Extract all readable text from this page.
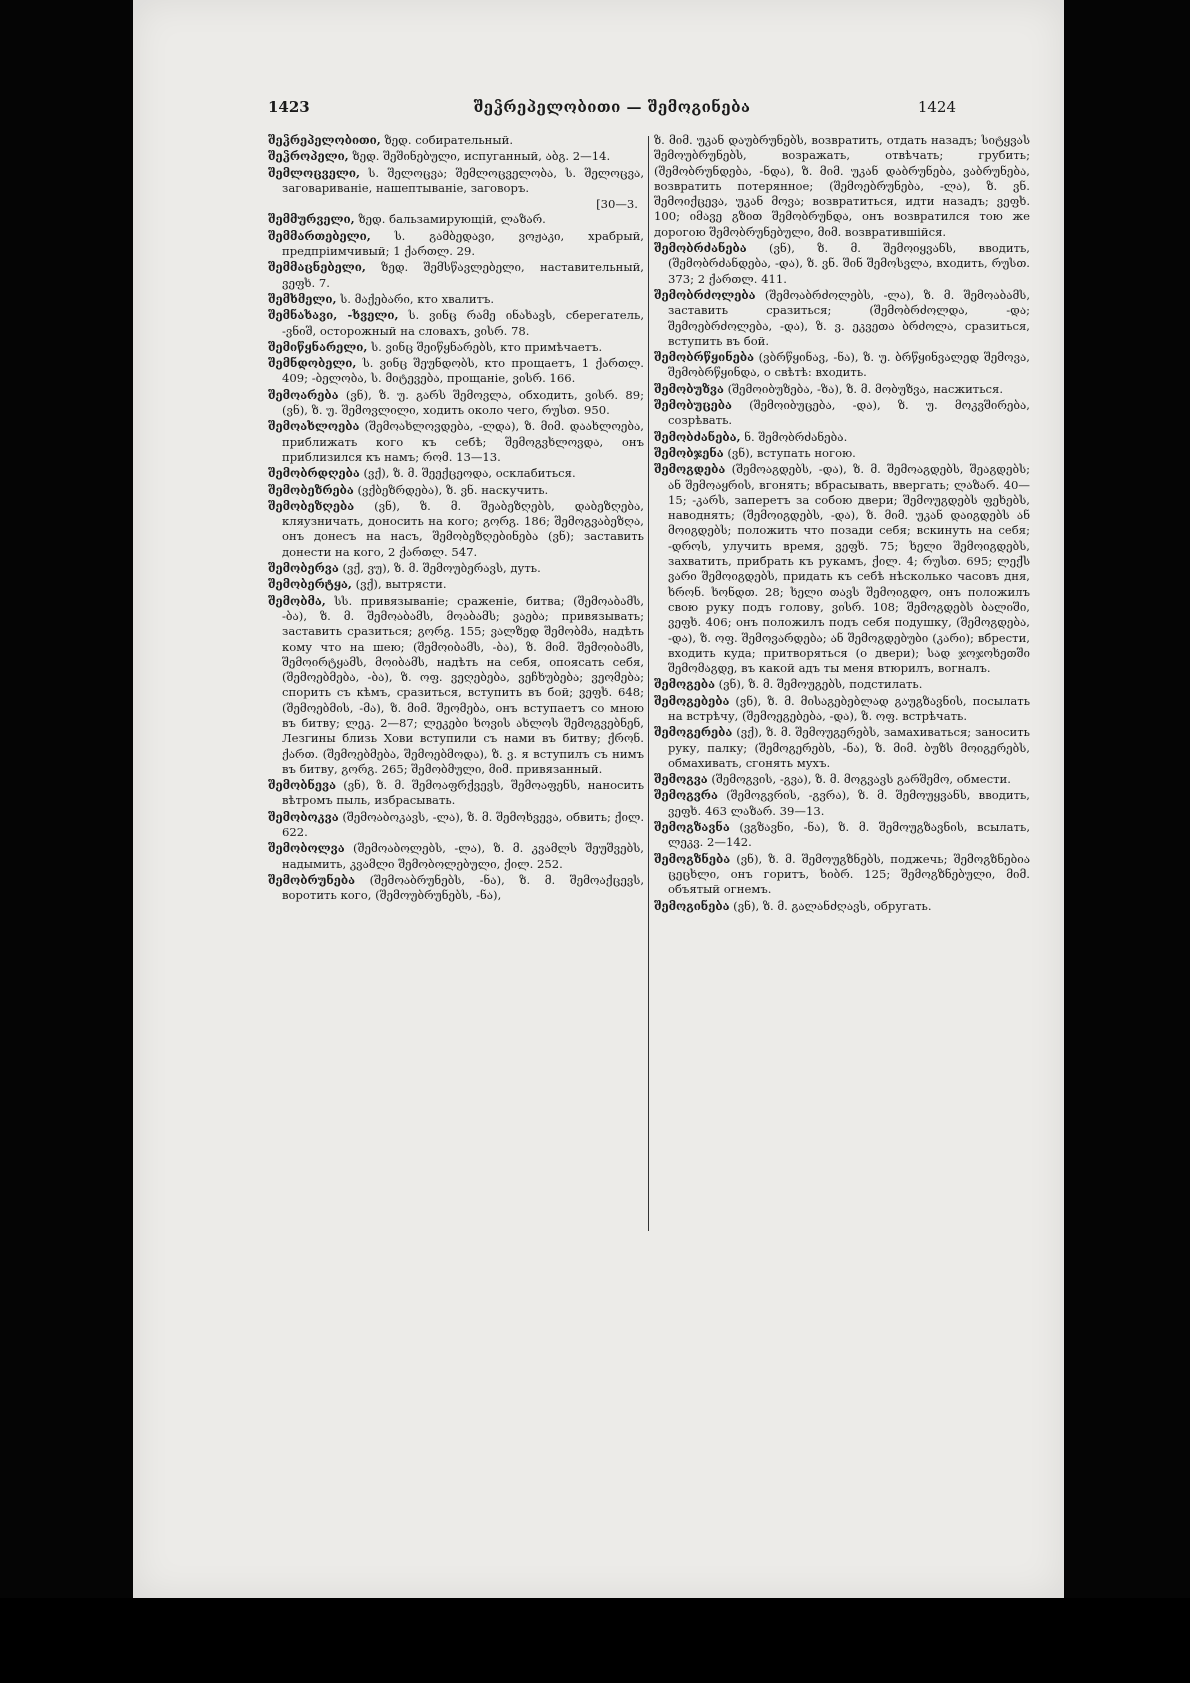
1423	შეჴრეპელობითი — შემოგინება	1424
შეჴრეპელობითი, ზედ. собирательный.
შეჴროპელი, ზედ. შეშინებული, испуганный, აბგ. 2—14.
შემლოცველი, ს. შელოცვა; შემლოცველობა, ს. შელოცვა, заговариваніе, нашептываніе, заговоръ.
[30—3.
შემმურველი, ზედ. бальзамирующій, ლაზარ.
შემმართებელი, ს. გამბედავი, ვოჟაკი, храбрый, предпріимчивый; 1 ქართლ. 29.
შემმაცნებელი, ზედ. შემსწავლებელი, наставительный, ვეფხ. 7.
შემხმელი, ს. მაქებარი, кто хвалитъ.
შემნახავი, -ხველი, ს. ვინც რამე ინახავს, сберегатель, -ვნიშ, осторожный на словахъ, ვისრ. 78.
შემიწყნარელი, ს. ვინც შეიწყნარებს, кто примѣчаетъ.
შემნდობელი, ს. ვინც შეუნდობს, кто прощаетъ, 1 ქართლ. 409; -ბელობა, ს. მიტევება, прощаніе, ვისრ. 166.
შემოარება (ვნ), ზ. უ. გარს შემოვლა, обходить, ვისრ. 89; (ვნ), ზ. უ. შემოვლილი, ходить около чего, რუსთ. 950.
შემოახლოება (შემოახლოვდება, -ლდა), ზ. მიმ. დაახლოება, приближать кого къ себѣ; შემოგვხლოვდა, онъ приблизился къ намъ; რომ. 13—13.
შემობრდღება (ვქ), ზ. მ. შეექცეოდა, осклабиться.
შემობეზრება (ვქბეზრდება), ზ. ვნ. наскучить.
შემობეზღება (ვნ), ზ. მ. შეაბეზღებს, დაბეზღება, кляузничать, доносить на кого; გორგ. 186; შემოგვაბეზღა, онъ донесъ на насъ, შემობეზღებინება (ვნ); заставить донести на кого, 2 ქართლ. 547.
შემობერვა (ვქ, ვუ), ზ. მ. შემოუბერავს, дуть.
შემობერტყა, (ვქ), вытрясти.
შემობმა, სს. привязываніе; сраженіе, битва; (შემოაბამს, -ბა), ზ. მ. შემოაბამს, მოაბამს; ვაება; привязывать; заставить сразиться; გორგ. 155; ვალზედ შემობმა, надѣть кому что на шею; (შემოიბამს, -ბა), ზ. მიმ. შემოიბამს, შემოირტყამს, მოიბამს, надѣть на себя, опоясать себя, (შემოებმება, -ბა), ზ. ოფ. ვეღებება, ვეჩხუბება; ვეომება; спорить съ кѣмъ, сразиться, вступить въ бой; ვეფხ. 648; (შემოებმის, -მა), ზ. მიმ. შეომება, онъ вступаетъ со мною въ битву; ლეკ. 2—87; ლეკები ხოვის ახლოს შემოგვებნენ, Лезгины близь Хови вступили съ нами въ битву; ქრონ. ქართ. (შემოებმება, შემოებმოდა), ზ. ვ. я вступилъ съ нимъ въ битву, გორგ. 265; შემობმული, მიმ. привязанный.
შემობნევა (ვნ), ზ. მ. შემოაფრქვევს, შემოაფენს, наносить вѣтромъ пыль, избрасывать.
შემობოკვა (შემოაბოკავს, -ლა), ზ. მ. შემოხვევა, обвить; ქილ. 622.
შემობოლვა (შემოაბოლებს, -ლა), ზ. მ. კვამლს შეუშვებს, надымить, კვამლი შემობოლებული, ქილ. 252.
შემობრუნება (შემოაბრუნებს, -ნა), ზ. მ. შემოაქცევს, воротить кого, (შემოუბრუნებს, -ნა),
ზ. მიმ. უკან დაუბრუნებს, возвратить, отдать назадъ; სიტყვას შემოუბრუნებს, возражать, отвѣчать; грубить; (შემობრუნდება, -ნდა), ზ. მიმ. უკან დაბრუნება, ვაბრუნება, возвратить потерянное; (შემოებრუნება, -ლა), ზ. ვნ. შემოიქცევა, უკან მოვა; возвратиться, идти назадъ; ვეფხ. 100; იმავე გზით შემობრუნდა, онъ возвратился тою же дорогою შემობრუნებული, მიმ. возвратившійся.
შემობრძანება (ვნ), ზ. მ. შემოიყვანს, вводить, (შემობრძანდება, -და), ზ. ვნ. შინ შემოსვლა, входить, რუსთ. 373; 2 ქართლ. 411.
შემობრძოლება (შემოაბრძოლებს, -ლა), ზ. მ. შემოაბამს, заставить сразиться; (შემობრძოლდა, -და; შემოებრძოლება, -და), ზ. ვ. ეკვეთა ბრძოლა, сразиться, вступить въ бой.
შემობრწყინება (ვბრწყინავ, -ნა), ზ. უ. ბრწყინვალედ შემოვა, შემობრწყინდა, о свѣтѣ: входить.
შემობუზვა (შემოიბუზება, -ზა), ზ. მ. მობუზვა, насжиться.
შემობუცება (შემოიბუცება, -და), ზ. უ. მოკვშირება, созрѣвать.
შემობძანება, ნ. შემობრძანება.
შემობჯენა (ვნ), вступать ногою.
შემოგდება (შემოაგდებს, -და), ზ. მ. შემოაგდებს, შეაგდებს; ან შემოაყრის, вгонять; вбрасывать, ввергать; ლაზარ. 40—15; -კარს, заперетъ за собою двери; შემოუგდებს ფეხებს, наводнять; (შემოიგდებს, -და), ზ. მიმ. უკან დაიგდებს ან მოიგდებს; положить что позади себя; вскинуть на себя; -დროს, улучить время, ვეფხ. 75; ხელი შემოიგდებს, захватить, прибрать къ рукамъ, ქილ. 4; რუსთ. 695; ლექს ვარი შემოიგდებს, придать къ себѣ нѣсколько часовъ дня, ხრონ. ხონდთ. 28; ხელი თავს შემოიგდო, онъ положилъ свою руку подъ голову, ვისრ. 108; შემოგდებს ბალიში, ვეფხ. 406; онъ положилъ подъ себя подушку, (შემოგდება, -და), ზ. ოფ. შემოვარდება; ან შემოგდებუბი (კარი); вбрести, входить куда; притворяться (о двери); სად ჯოჯოხეთში შემომაგდე, въ какой адъ ты меня втюрилъ, вогналъ.
შემოგება (ვნ), ზ. მ. შემოუგებს, подстилать.
შემოგებება (ვნ), ზ. მ. მისაგებებლად გაუგზავნის, посылать на встрѣчу, (შემოეგებება, -და), ზ. ოფ. встрѣчать.
შემოგერება (ვქ), ზ. მ. შემოუგერებს, замахиваться; заносить руку, палку; (შემოგერებს, -ნა), ზ. მიმ. ბუზს მოიგერებს, обмахивать, сгонять мухъ.
შემოგვა (შემოგვის, -გვა), ზ. მ. მოგვავს გარშემო, обмести.
შემოგვრა (შემოგვრის, -გვრა), ზ. მ. შემოუყვანს, вводить, ვეფხ. 463 ლაზარ. 39—13.
შემოგზავნა (ვგზავნი, -ნა), ზ. მ. შემოუგზავნის, всылать, ლეკვ. 2—142.
შემოგზნება (ვნ), ზ. მ. შემოუგზნებს, поджечь; შემოგზნებია ცეცხლი, онъ горитъ, ხიბრ. 125; შემოგზნებული, მიმ. объятый огнемъ.
შემოგინება (ვნ), ზ. მ. გალანძღავს, обругать.
